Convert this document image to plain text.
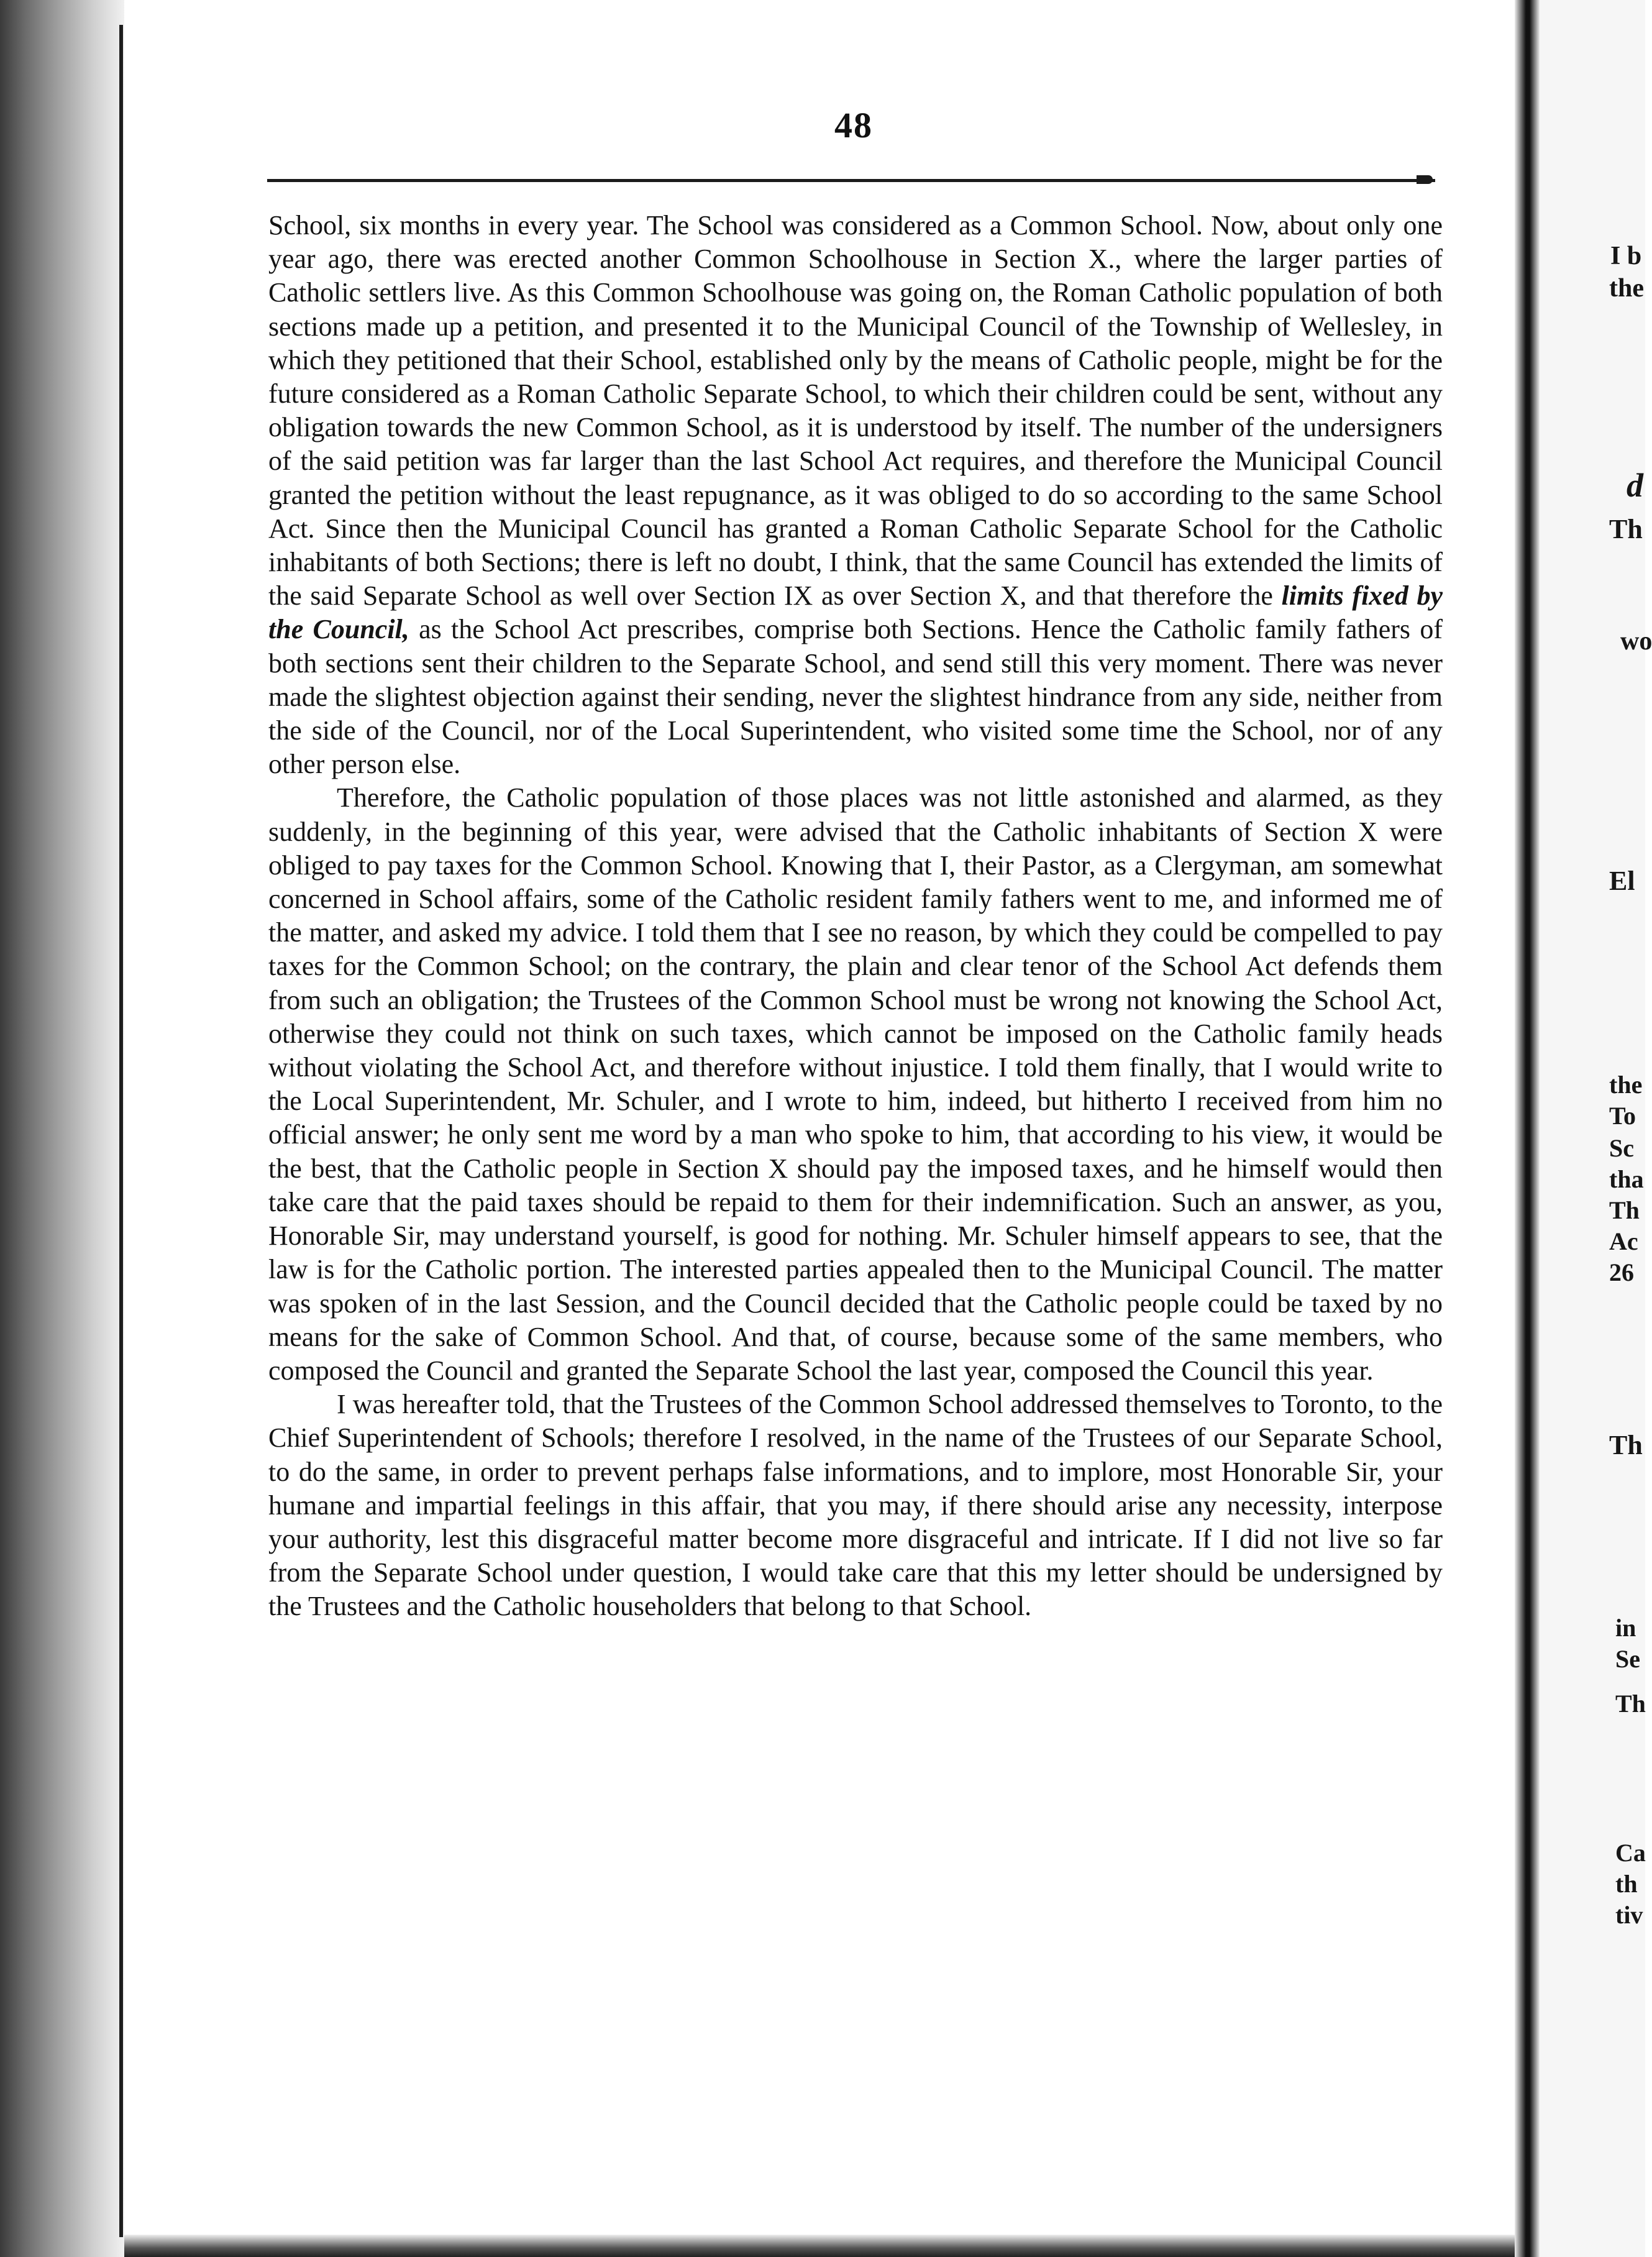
48

School, six months in every year. The School was considered as a Common School. Now, about only one year ago, there was erected another Common Schoolhouse in Section X., where the larger parties of Catholic settlers live. As this Common Schoolhouse was going on, the Roman Catholic population of both sections made up a petition, and presented it to the Municipal Council of the Township of Wellesley, in which they petitioned that their School, established only by the means of Catholic people, might be for the future considered as a Roman Catholic Separate School, to which their children could be sent, without any obligation towards the new Common School, as it is understood by itself. The number of the undersigners of the said petition was far larger than the last School Act requires, and therefore the Municipal Council granted the petition without the least repugnance, as it was obliged to do so according to the same School Act. Since then the Municipal Council has granted a Roman Catholic Separate School for the Catholic inhabitants of both Sections; there is left no doubt, I think, that the same Council has extended the limits of the said Separate School as well over Section IX as over Section X, and that therefore the limits fixed by the Council, as the School Act prescribes, comprise both Sections. Hence the Catholic family fathers of both sections sent their children to the Separate School, and send still this very moment. There was never made the slightest objection against their sending, never the slightest hindrance from any side, neither from the side of the Council, nor of the Local Superintendent, who visited some time the School, nor of any other person else.

Therefore, the Catholic population of those places was not little astonished and alarmed, as they suddenly, in the beginning of this year, were advised that the Catholic inhabitants of Section X were obliged to pay taxes for the Common School. Knowing that I, their Pastor, as a Clergyman, am somewhat concerned in School affairs, some of the Catholic resident family fathers went to me, and informed me of the matter, and asked my advice. I told them that I see no reason, by which they could be compelled to pay taxes for the Common School; on the contrary, the plain and clear tenor of the School Act defends them from such an obligation; the Trustees of the Common School must be wrong not knowing the School Act, otherwise they could not think on such taxes, which cannot be imposed on the Catholic family heads without violating the School Act, and therefore without injustice. I told them finally, that I would write to the Local Superintendent, Mr. Schuler, and I wrote to him, indeed, but hitherto I received from him no official answer; he only sent me word by a man who spoke to him, that according to his view, it would be the best, that the Catholic people in Section X should pay the imposed taxes, and he himself would then take care that the paid taxes should be repaid to them for their indemnification. Such an answer, as you, Honorable Sir, may understand yourself, is good for nothing. Mr. Schuler himself appears to see, that the law is for the Catholic portion. The interested parties appealed then to the Municipal Council. The matter was spoken of in the last Session, and the Council decided that the Catholic people could be taxed by no means for the sake of Common School. And that, of course, because some of the same members, who composed the Council and granted the Separate School the last year, composed the Council this year.

I was hereafter told, that the Trustees of the Common School addressed themselves to Toronto, to the Chief Superintendent of Schools; therefore I resolved, in the name of the Trustees of our Separate School, to do the same, in order to prevent perhaps false informations, and to implore, most Honorable Sir, your humane and impartial feelings in this affair, that you may, if there should arise any necessity, interpose your authority, lest this disgraceful matter become more disgraceful and intricate. If I did not live so far from the Separate School under question, I would take care that this my letter should be undersigned by the Trustees and the Catholic householders that belong to that School.

I b
the
d
Th
wo
El
the
To
Sc
tha
Th
Ac
26
Th
in
Se
Th
Ca
th
tiv
